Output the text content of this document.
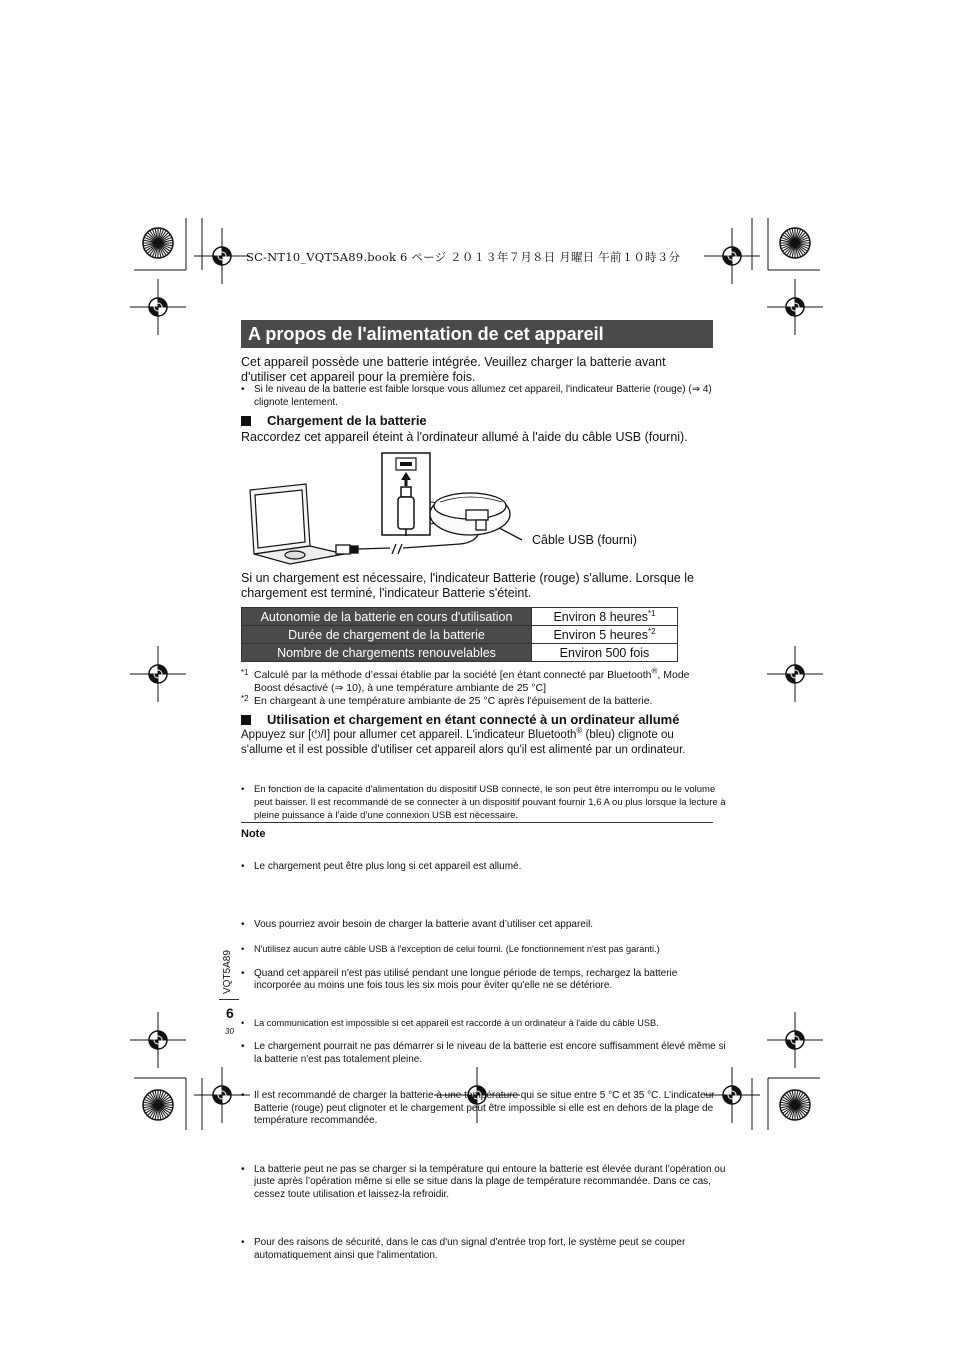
SC-NT10_VQT5A89.book 6 ページ ２０１３年７月８日 月曜日 午前１０時３分
A propos de l'alimentation de cet appareil
Cet appareil possède une batterie intégrée. Veuillez charger la batterie avant d'utiliser cet appareil pour la première fois.
• Si le niveau de la batterie est faible lorsque vous allumez cet appareil, l'indicateur Batterie (rouge) (⇒ 4) clignote lentement.
Chargement de la batterie
Raccordez cet appareil éteint à l'ordinateur allumé à l'aide du câble USB (fourni).
Câble USB (fourni)
Si un chargement est nécessaire, l'indicateur Batterie (rouge) s'allume. Lorsque le chargement est terminé, l'indicateur Batterie s'éteint.
Autonomie de la batterie en cours d'utilisation	Environ 8 heures$^{*1}$
Durée de chargement de la batterie	Environ 5 heures$^{*2}$
Nombre de chargements renouvelables	Environ 500 fois
*1 Calculé par la méthode d’essai établie par la société [en étant connecté par Bluetooth®, Mode Boost désactivé (⇒ 10), à une température ambiante de 25 °C]
*2 En chargeant à une température ambiante de 25 °C après l'épuisement de la batterie.
Utilisation et chargement en étant connecté à un ordinateur allumé
Appuyez sur [⏻/I] pour allumer cet appareil. L'indicateur Bluetooth® (bleu) clignote ou s'allume et il est possible d'utiliser cet appareil alors qu'il est alimenté par un ordinateur.
• En fonction de la capacité d'alimentation du dispositif USB connecté, le son peut être interrompu ou le volume peut baisser. Il est recommandé de se connecter à un dispositif pouvant fournir 1,6 A ou plus lorsque la lecture à pleine puissance à l’aide d’une connexion USB est nécessaire.
• Le chargement peut être plus long si cet appareil est allumé.
Note
• Vous pourriez avoir besoin de charger la batterie avant d’utiliser cet appareil.
• N'utilisez aucun autre câble USB à l'exception de celui fourni. (Le fonctionnement n'est pas garanti.)
• Quand cet appareil n'est pas utilisé pendant une longue période de temps, rechargez la batterie incorporée au moins une fois tous les six mois pour éviter qu'elle ne se détériore.
• La communication est impossible si cet appareil est raccordé à un ordinateur à l'aide du câble USB.
• Le chargement pourrait ne pas démarrer si le niveau de la batterie est encore suffisamment élevé même si la batterie n'est pas totalement pleine.
• Il est recommandé de charger la batterie à une température qui se situe entre 5 °C et 35 °C. L’indicateur Batterie (rouge) peut clignoter et le chargement peut être impossible si elle est en dehors de la plage de température recommandée.
• La batterie peut ne pas se charger si la température qui entoure la batterie est élevée durant l’opération ou juste après l’opération même si elle se situe dans la plage de température recommandée. Dans ce cas, cessez toute utilisation et laissez-la refroidir.
• Pour des raisons de sécurité, dans le cas d'un signal d'entrée trop fort, le système peut se couper automatiquement ainsi que l'alimentation.
VQT5A89
6
30
